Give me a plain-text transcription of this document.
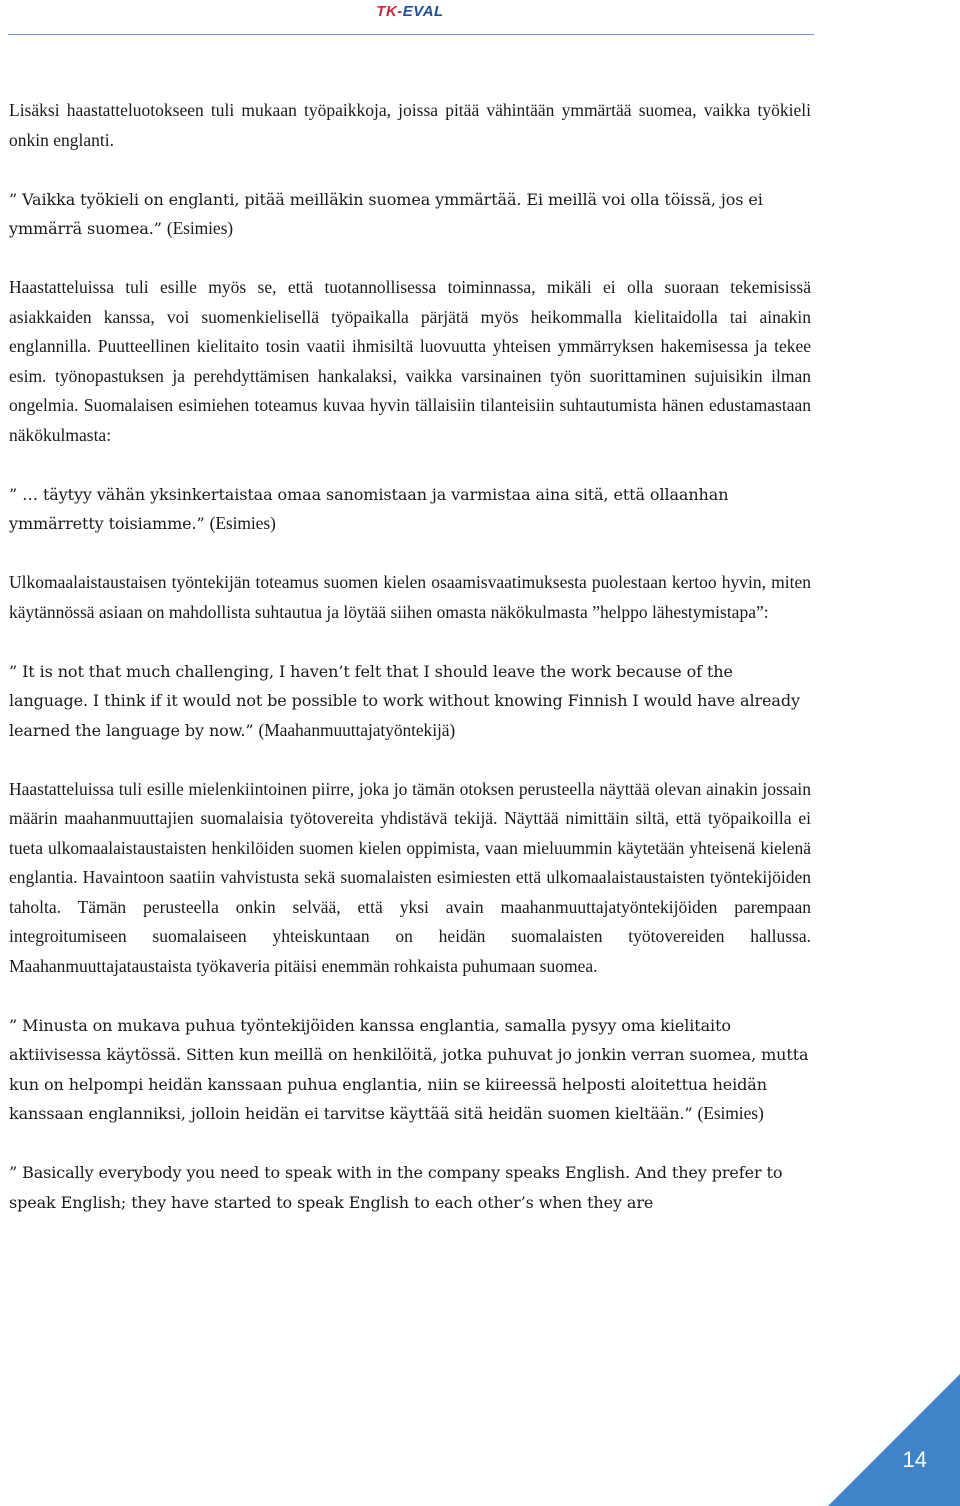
TK-EVAL

Lisäksi haastatteluotokseen tuli mukaan työpaikkoja, joissa pitää vähintään ymmärtää suomea, vaikka työkieli onkin englanti.

” Vaikka työkieli on englanti, pitää meilläkin suomea ymmärtää. Ei meillä voi olla töissä, jos ei ymmärrä suomea.” (Esimies)

Haastatteluissa tuli esille myös se, että tuotannollisessa toiminnassa, mikäli ei olla suoraan tekemisissä asiakkaiden kanssa, voi suomenkielisellä työpaikalla pärjätä myös heikommalla kielitaidolla tai ainakin englannilla. Puutteellinen kielitaito tosin vaatii ihmisiltä luovuutta yhteisen ymmärryksen hakemisessa ja tekee esim. työnopastuksen ja perehdyttämisen hankalaksi, vaikka varsinainen työn suorittaminen sujuisikin ilman ongelmia. Suomalaisen esimiehen toteamus kuvaa hyvin tällaisiin tilanteisiin suhtautumista hänen edustamastaan näkökulmasta:

” … täytyy vähän yksinkertaistaa omaa sanomistaan ja varmistaa aina sitä, että ollaanhan ymmärretty toisiamme.” (Esimies)

Ulkomaalaistaustaisen työntekijän toteamus suomen kielen osaamisvaatimuksesta puolestaan kertoo hyvin, miten käytännössä asiaan on mahdollista suhtautua ja löytää siihen omasta näkökulmasta ”helppo lähestymistapa”:

” It is not that much challenging, I haven’t felt that I should leave the work because of the language. I think if it would not be possible to work without knowing Finnish I would have already learned the language by now.” (Maahanmuuttajatyöntekijä)

Haastatteluissa tuli esille mielenkiintoinen piirre, joka jo tämän otoksen perusteella näyttää olevan ainakin jossain määrin maahanmuuttajien suomalaisia työtovereita yhdistävä tekijä. Näyttää nimittäin siltä, että työpaikoilla ei tueta ulkomaalaistaustaisten henkilöiden suomen kielen oppimista, vaan mieluummin käytetään yhteisenä kielenä englantia. Havaintoon saatiin vahvistusta sekä suomalaisten esimiesten että ulkomaalaistaustaisten työntekijöiden taholta. Tämän perusteella onkin selvää, että yksi avain maahanmuuttajatyöntekijöiden parempaan integroitumiseen suomalaiseen yhteiskuntaan on heidän suomalaisten työtovereiden hallussa. Maahanmuuttajataustaista työkaveria pitäisi enemmän rohkaista puhumaan suomea.

” Minusta on mukava puhua työntekijöiden kanssa englantia, samalla pysyy oma kielitaito aktiivisessa käytössä. Sitten kun meillä on henkilöitä, jotka puhuvat jo jonkin verran suomea, mutta kun on helpompi heidän kanssaan puhua englantia, niin se kiireessä helposti aloitettua heidän kanssaan englanniksi, jolloin heidän ei tarvitse käyttää sitä heidän suomen kieltään.” (Esimies)

” Basically everybody you need to speak with in the company speaks English. And they prefer to speak English; they have started to speak English to each other’s when they are

14
